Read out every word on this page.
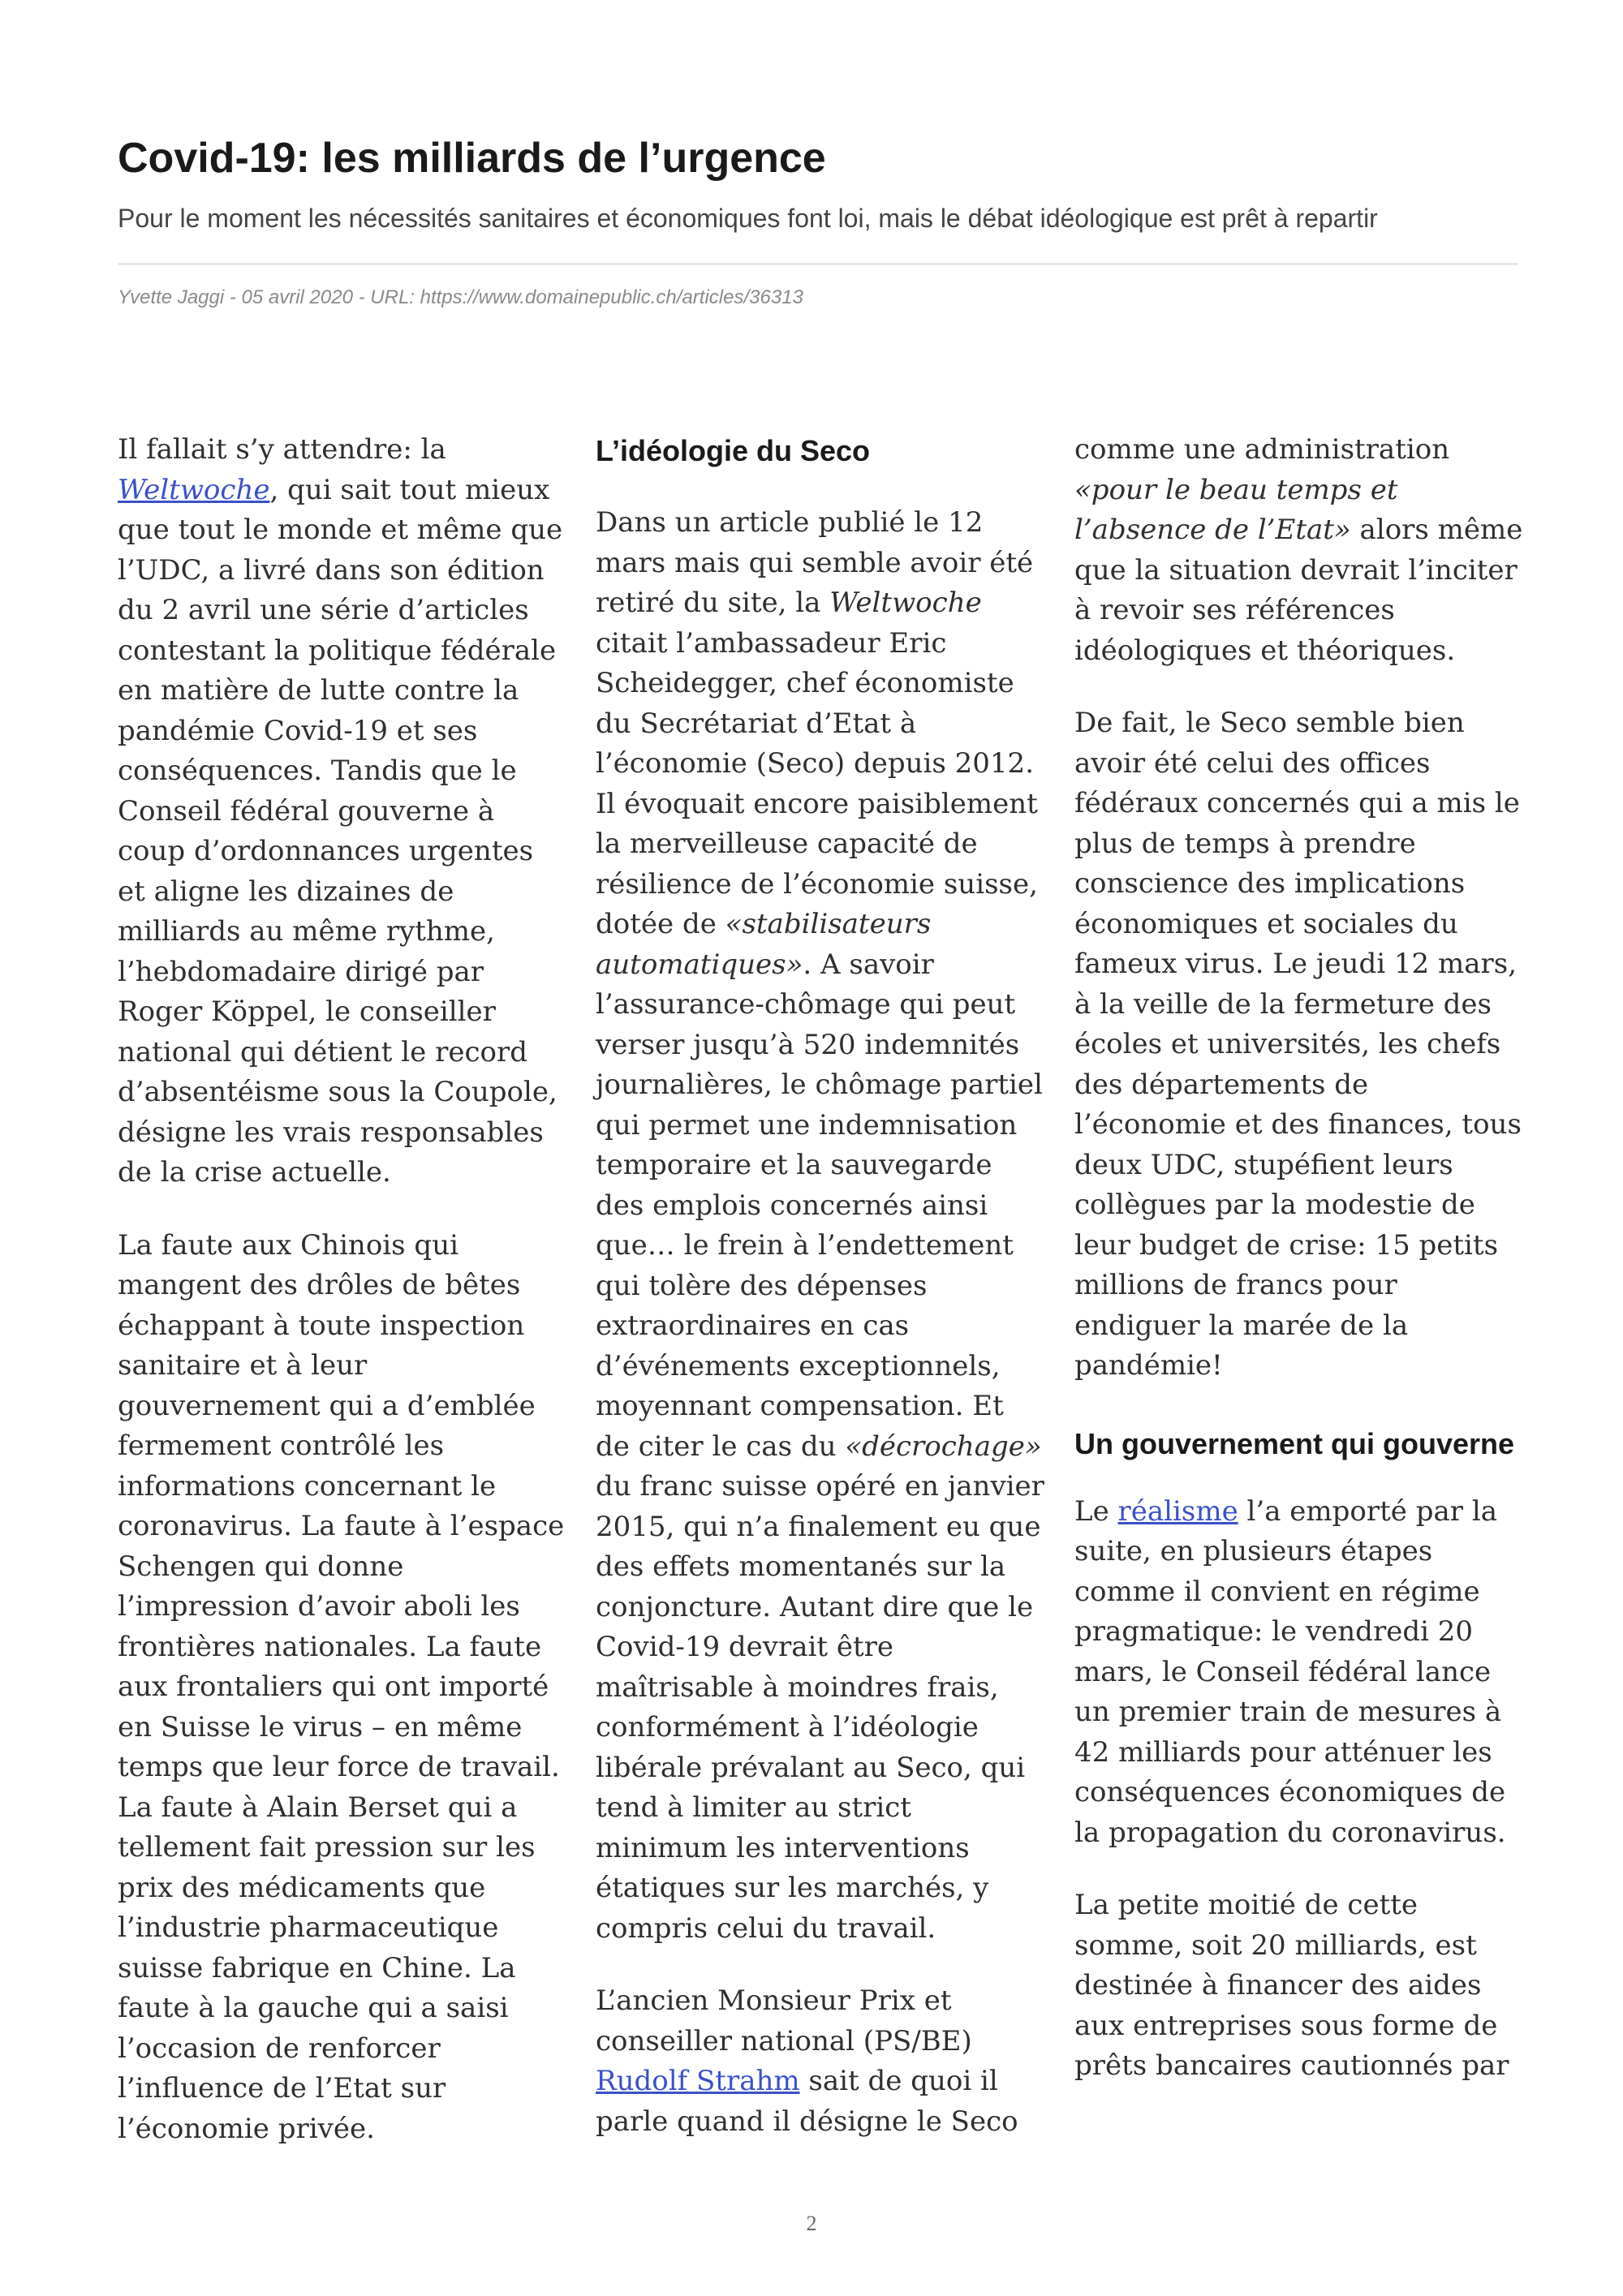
Covid-19: les milliards de l’urgence
Pour le moment les nécessités sanitaires et économiques font loi, mais le débat idéologique est prêt à repartir
Yvette Jaggi - 05 avril 2020 - URL: https://www.domainepublic.ch/articles/36313

Il fallait s’y attendre: la Weltwoche, qui sait tout mieux que tout le monde et même que l’UDC, a livré dans son édition du 2 avril une série d’articles contestant la politique fédérale en matière de lutte contre la pandémie Covid-19 et ses conséquences. Tandis que le Conseil fédéral gouverne à coup d’ordonnances urgentes et aligne les dizaines de milliards au même rythme, l’hebdomadaire dirigé par Roger Köppel, le conseiller national qui détient le record d’absentéisme sous la Coupole, désigne les vrais responsables de la crise actuelle.

La faute aux Chinois qui mangent des drôles de bêtes échappant à toute inspection sanitaire et à leur gouvernement qui a d’emblée fermement contrôlé les informations concernant le coronavirus. La faute à l’espace Schengen qui donne l’impression d’avoir aboli les frontières nationales. La faute aux frontaliers qui ont importé en Suisse le virus – en même temps que leur force de travail. La faute à Alain Berset qui a tellement fait pression sur les prix des médicaments que l’industrie pharmaceutique suisse fabrique en Chine. La faute à la gauche qui a saisi l’occasion de renforcer l’influence de l’Etat sur l’économie privée.

L’idéologie du Seco

Dans un article publié le 12 mars mais qui semble avoir été retiré du site, la Weltwoche citait l’ambassadeur Eric Scheidegger, chef économiste du Secrétariat d’Etat à l’économie (Seco) depuis 2012. Il évoquait encore paisiblement la merveilleuse capacité de résilience de l’économie suisse, dotée de «stabilisateurs automatiques». A savoir l’assurance-chômage qui peut verser jusqu’à 520 indemnités journalières, le chômage partiel qui permet une indemnisation temporaire et la sauvegarde des emplois concernés ainsi que… le frein à l’endettement qui tolère des dépenses extraordinaires en cas d’événements exceptionnels, moyennant compensation. Et de citer le cas du «décrochage» du franc suisse opéré en janvier 2015, qui n’a finalement eu que des effets momentanés sur la conjoncture. Autant dire que le Covid-19 devrait être maîtrisable à moindres frais, conformément à l’idéologie libérale prévalant au Seco, qui tend à limiter au strict minimum les interventions étatiques sur les marchés, y compris celui du travail.

L’ancien Monsieur Prix et conseiller national (PS/BE) Rudolf Strahm sait de quoi il parle quand il désigne le Seco

comme une administration «pour le beau temps et l’absence de l’Etat» alors même que la situation devrait l’inciter à revoir ses références idéologiques et théoriques.

De fait, le Seco semble bien avoir été celui des offices fédéraux concernés qui a mis le plus de temps à prendre conscience des implications économiques et sociales du fameux virus. Le jeudi 12 mars, à la veille de la fermeture des écoles et universités, les chefs des départements de l’économie et des finances, tous deux UDC, stupéfient leurs collègues par la modestie de leur budget de crise: 15 petits millions de francs pour endiguer la marée de la pandémie!

Un gouvernement qui gouverne

Le réalisme l’a emporté par la suite, en plusieurs étapes comme il convient en régime pragmatique: le vendredi 20 mars, le Conseil fédéral lance un premier train de mesures à 42 milliards pour atténuer les conséquences économiques de la propagation du coronavirus.

La petite moitié de cette somme, soit 20 milliards, est destinée à financer des aides aux entreprises sous forme de prêts bancaires cautionnés par

2
